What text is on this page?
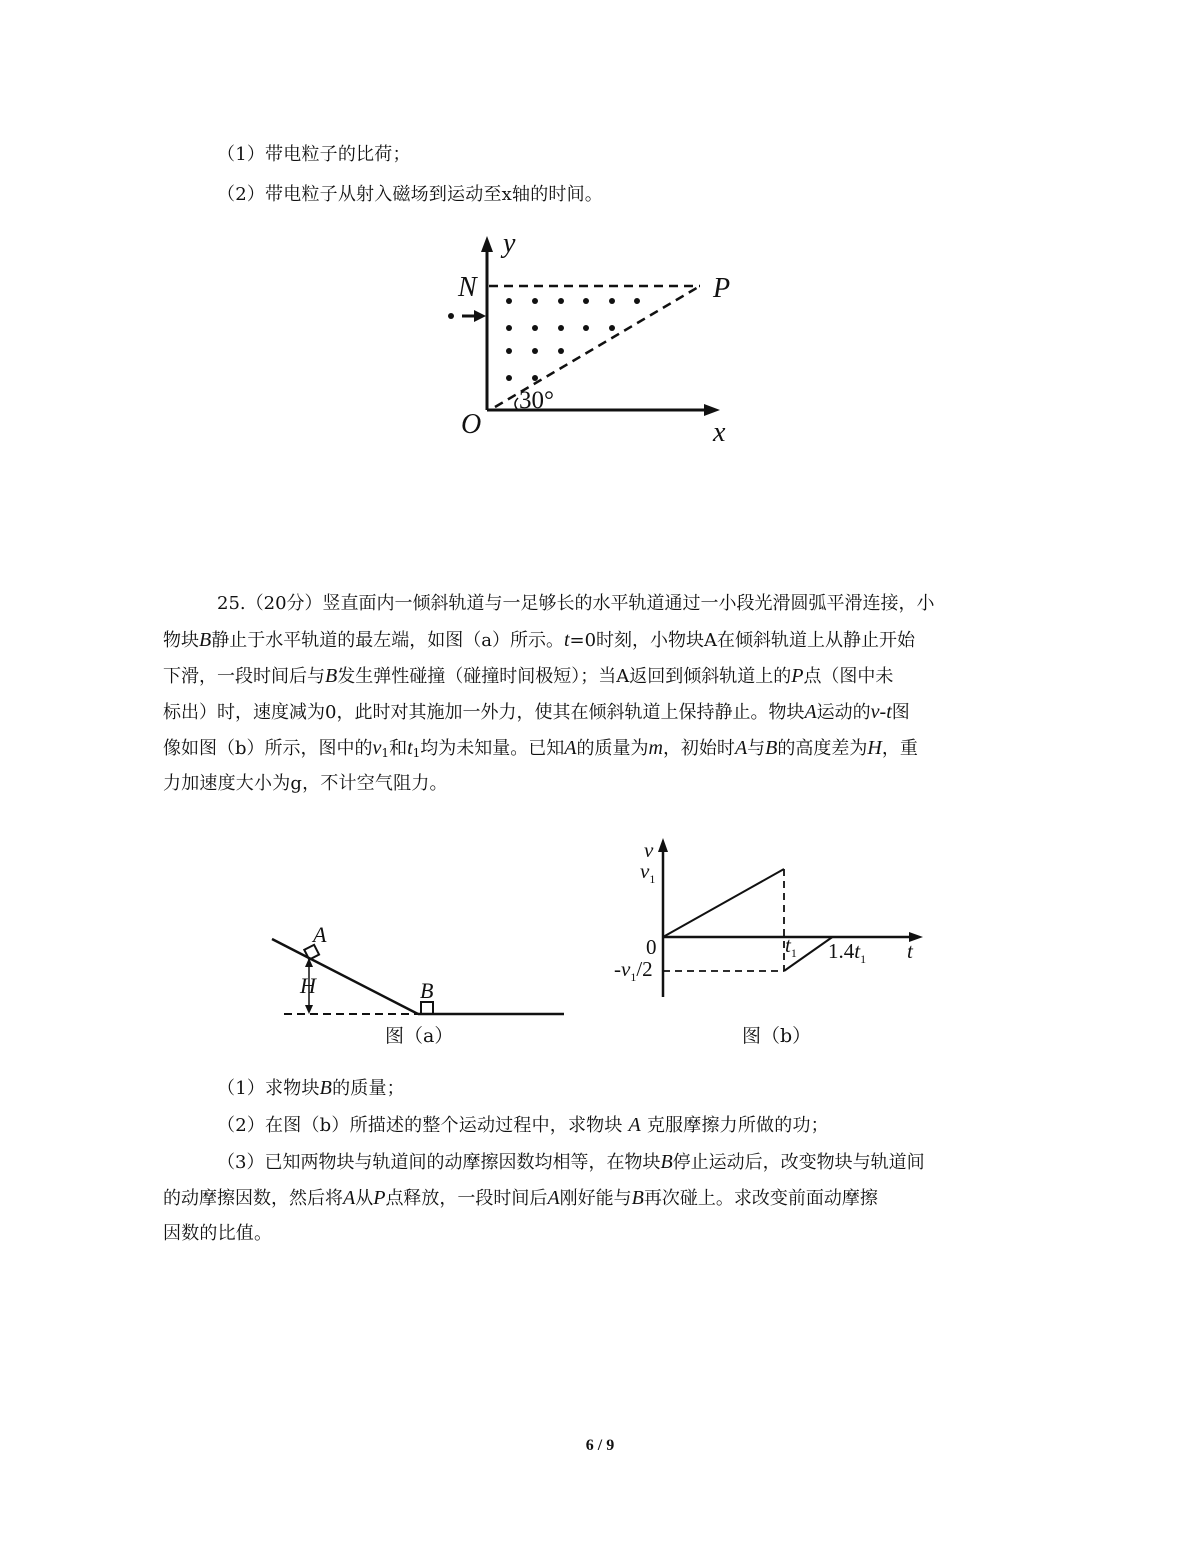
（1）带电粒子的比荷；
（2）带电粒子从射入磁场到运动至x轴的时间。
y
N	P
O	x
30°
25.（20分）竖直面内一倾斜轨道与一足够长的水平轨道通过一小段光滑圆弧平滑连接，小
物块B静止于水平轨道的最左端，如图（a）所示。t=0时刻，小物块A在倾斜轨道上从静止开始
下滑，一段时间后与B发生弹性碰撞（碰撞时间极短）；当A返回到倾斜轨道上的P点（图中未
标出）时，速度减为0，此时对其施加一外力，使其在倾斜轨道上保持静止。物块A运动的v-t图
像如图（b）所示，图中的$v_1$和$t_1$均为未知量。已知A的质量为m，初始时A与B的高度差为H，重
力加速度大小为g，不计空气阻力。
A
B
H
图（a）
v
$v_1$
0
$-v_1/2$
$t_1$ $1.4t_1$ t
图（b）
（1）求物块B的质量；
（2）在图（b）所描述的整个运动过程中，求物块 A 克服摩擦力所做的功；
（3）已知两物块与轨道间的动摩擦因数均相等，在物块B停止运动后，改变物块与轨道间
的动摩擦因数，然后将A从P点释放，一段时间后A刚好能与B再次碰上。求改变前面动摩擦
因数的比值。
6 / 9
